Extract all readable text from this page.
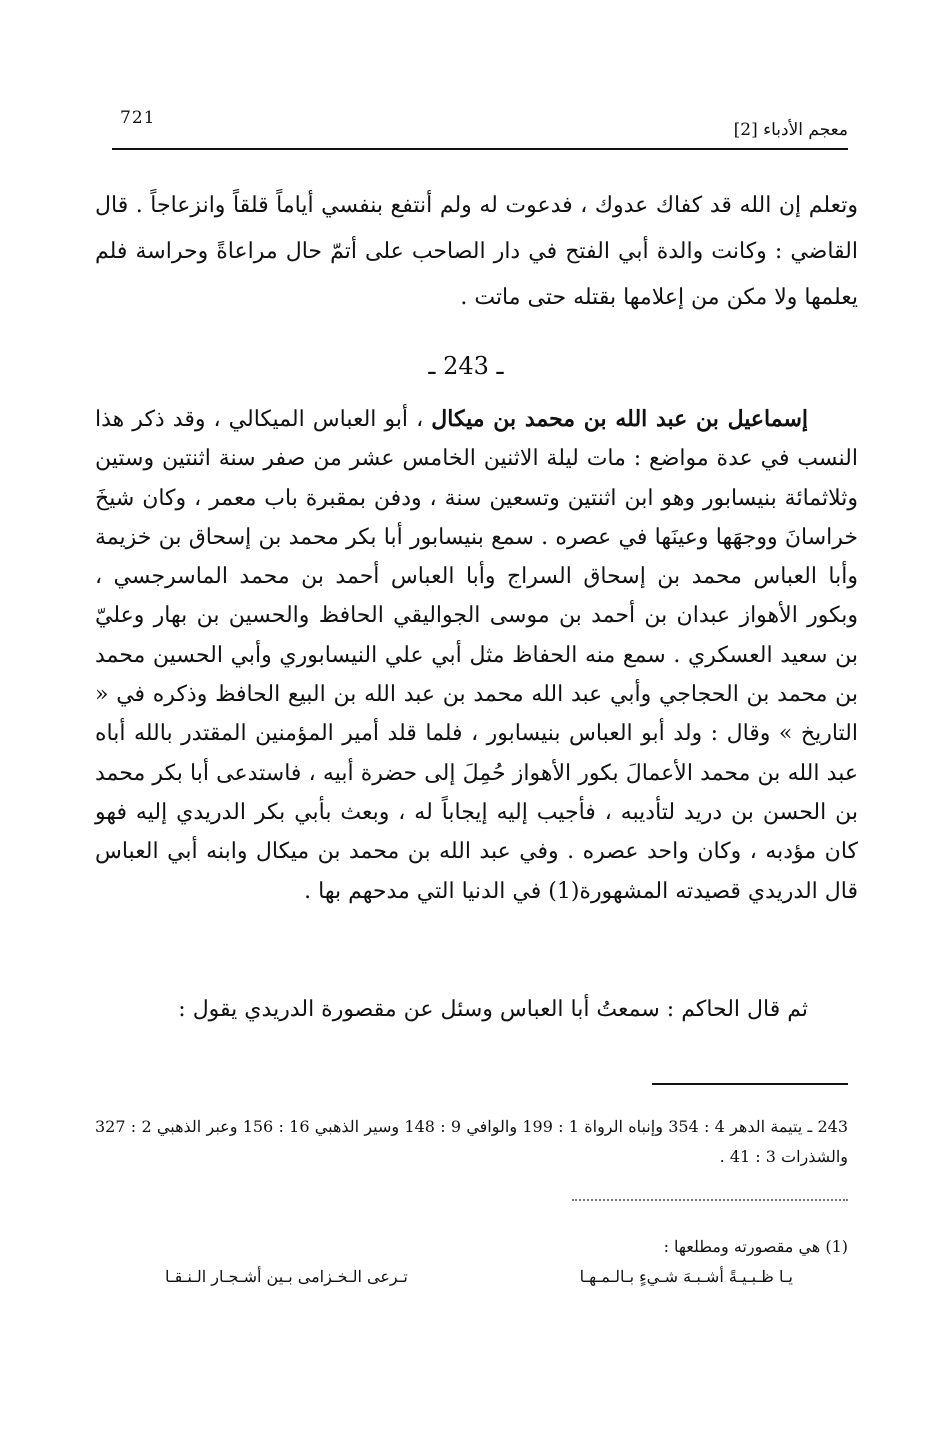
معجم الأدباء [2]
721
وتعلم إن الله قد كفاك عدوك ، فدعوت له ولم أنتفع بنفسي أياماً قلقاً وانزعاجاً . قال القاضي : وكانت والدة أبي الفتح في دار الصاحب على أتمّ حال مراعاةً وحراسة فلم يعلمها ولا مكن من إعلامها بقتله حتى ماتت .
ـ 243 ـ
إسماعيل بن عبد الله بن محمد بن ميكال ، أبو العباس الميكالي ، وقد ذكر هذا النسب في عدة مواضع : مات ليلة الاثنين الخامس عشر من صفر سنة اثنتين وستين وثلاثمائة بنيسابور وهو ابن اثنتين وتسعين سنة ، ودفن بمقبرة باب معمر ، وكان شيخَ خراسانَ ووجهَها وعينَها في عصره . سمع بنيسابور أبا بكر محمد بن إسحاق بن خزيمة وأبا العباس محمد بن إسحاق السراج وأبا العباس أحمد بن محمد الماسرجسي ، وبكور الأهواز عبدان بن أحمد بن موسى الجواليقي الحافظ والحسين بن بهار وعليّ بن سعيد العسكري . سمع منه الحفاظ مثل أبي علي النيسابوري وأبي الحسين محمد بن محمد بن الحجاجي وأبي عبد الله محمد بن عبد الله بن البيع الحافظ وذكره في « التاريخ » وقال : ولد أبو العباس بنيسابور ، فلما قلد أمير المؤمنين المقتدر بالله أباه عبد الله بن محمد الأعمالَ بكور الأهواز حُمِلَ إلى حضرة أبيه ، فاستدعى أبا بكر محمد بن الحسن بن دريد لتأديبه ، فأجيب إليه إيجاباً له ، وبعث بأبي بكر الدريدي إليه فهو كان مؤدبه ، وكان واحد عصره . وفي عبد الله بن محمد بن ميكال وابنه أبي العباس قال الدريدي قصيدته المشهورة(1) في الدنيا التي مدحهم بها .
ثم قال الحاكم : سمعتُ أبا العباس وسئل عن مقصورة الدريدي يقول :
243 ـ يتيمة الدهر 4 : 354 وإنباه الرواة 1 : 199 والوافي 9 : 148 وسير الذهبي 16 : 156 وعبر الذهبي 2 : 327 والشذرات 3 : 41 .
(1) هي مقصورته ومطلعها :
يـا ظـبـيـةً أشـبـهَ شـيءٍ بـالـمـهـا
تـرعى الـخـزامى بـين أشـجـار الـنـقـا
